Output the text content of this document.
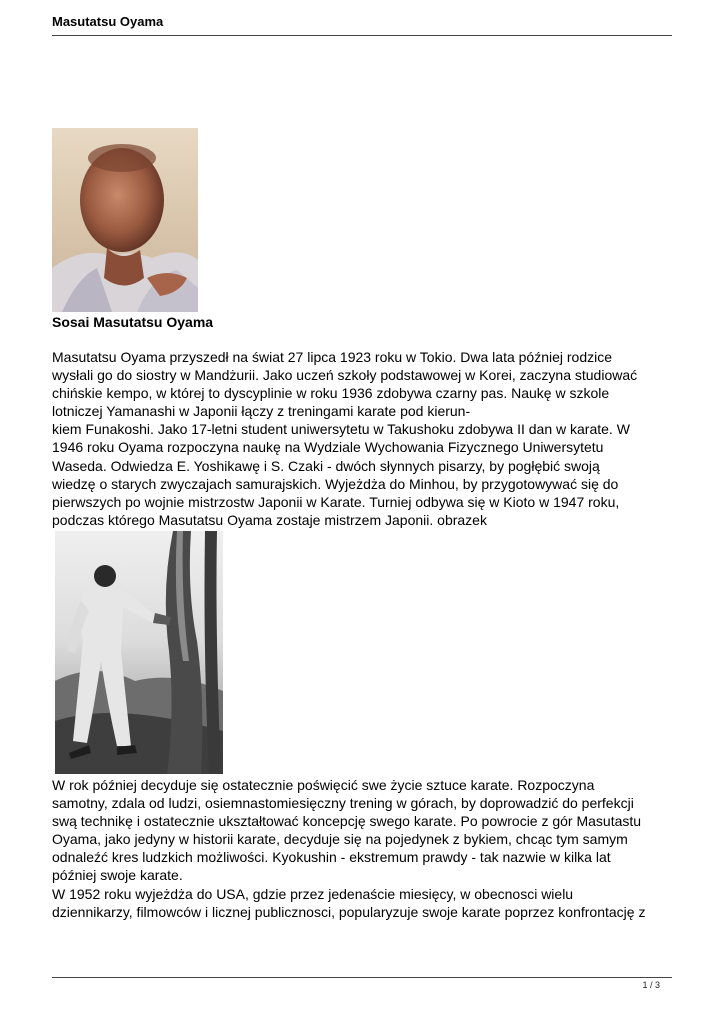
Masutatsu Oyama
Sosai Masutatsu Oyama
Masutatsu Oyama przyszedł na świat 27 lipca 1923 roku w Tokio. Dwa lata później rodzice
wysłali go do siostry w Mandżurii. Jako uczeń szkoły podstawowej w Korei, zaczyna studiować
chińskie kempo, w której to dyscyplinie w roku 1936 zdobywa czarny pas. Naukę w szkole
lotniczej Yamanashi w Japonii łączy z treningami karate pod kierun-
kiem Funakoshi. Jako 17-letni student uniwersytetu w Takushoku zdobywa II dan w karate. W
1946 roku Oyama rozpoczyna naukę na Wydziale Wychowania Fizycznego Uniwersytetu
Waseda. Odwiedza E. Yoshikawę i S. Czaki - dwóch słynnych pisarzy, by pogłębić swoją
wiedzę o starych zwyczajach samurajskich. Wyjeżdża do Minhou, by przygotowywać się do
pierwszych po wojnie mistrzostw Japonii w Karate. Turniej odbywa się w Kioto w 1947 roku,
podczas którego Masutatsu Oyama zostaje mistrzem Japonii. obrazek
W rok później decyduje się ostatecznie poświęcić swe życie sztuce karate. Rozpoczyna
samotny, zdala od ludzi, osiemnastomiesięczny trening w górach, by doprowadzić do perfekcji
swą technikę i ostatecznie ukształtować koncepcję swego karate. Po powrocie z gór Masutastu
Oyama, jako jedyny w historii karate, decyduje się na pojedynek z bykiem, chcąc tym samym
odnaleźć kres ludzkich możliwości. Kyokushin - ekstremum prawdy - tak nazwie w kilka lat
później swoje karate.
W 1952 roku wyjeżdża do USA, gdzie przez jedenaście miesięcy, w obecnosci wielu
dziennikarzy, filmowców i licznej publicznosci, popularyzuje swoje karate poprzez konfrontację z
1 / 3
